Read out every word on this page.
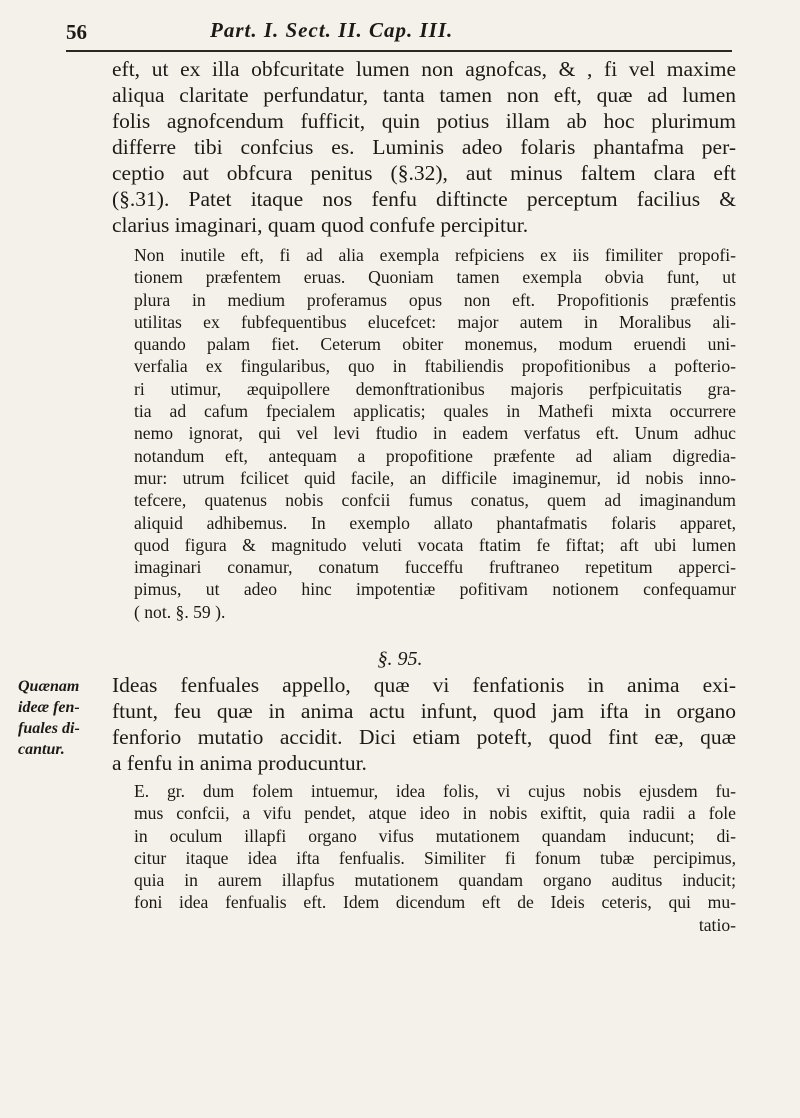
56	Part. I. Sect. II. Cap. III.
eft, ut ex illa obfcuritate lumen non agnofcas, & , fi vel maxime
aliqua claritate perfundatur, tanta tamen non eft, quæ ad lumen
folis agnofcendum fufficit, quin potius illam ab hoc plurimum
differre tibi confcius es. Luminis adeo folaris phantafma per-
ceptio aut obfcura penitus (§.32), aut minus faltem clara eft
(§.31). Patet itaque nos fenfu diftincte perceptum facilius &
clarius imaginari, quam quod confufe percipitur.
Non inutile eft, fi ad alia exempla refpiciens ex iis fimiliter propofi-
tionem præfentem eruas. Quoniam tamen exempla obvia funt, ut
plura in medium proferamus opus non eft. Propofitionis præfentis
utilitas ex fubfequentibus elucefcet: major autem in Moralibus ali-
quando palam fiet. Ceterum obiter monemus, modum eruendi uni-
verfalia ex fingularibus, quo in ftabiliendis propofitionibus a pofterio-
ri utimur, æquipollere demonftrationibus majoris perfpicuitatis gra-
tia ad cafum fpecialem applicatis; quales in Mathefi mixta occurrere
nemo ignorat, qui vel levi ftudio in eadem verfatus eft. Unum adhuc
notandum eft, antequam a propofitione præfente ad aliam digredia-
mur: utrum fcilicet quid facile, an difficile imaginemur, id nobis inno-
tefcere, quatenus nobis confcii fumus conatus, quem ad imaginandum
aliquid adhibemus. In exemplo allato phantafmatis folaris apparet,
quod figura & magnitudo veluti vocata ftatim fe fiftat; aft ubi lumen
imaginari conamur, conatum fucceffu fruftraneo repetitum apperci-
pimus, ut adeo hinc impotentiæ pofitivam notionem confequamur
( not. §. 59 ).
§. 95.
Quænam
ideæ fen-
fuales di-
cantur.
Ideas fenfuales appello, quæ vi fenfationis in anima exi-
ftunt, feu quæ in anima actu infunt, quod jam ifta in organo
fenforio mutatio accidit. Dici etiam poteft, quod fint eæ, quæ
a fenfu in anima producuntur.
E. gr. dum folem intuemur, idea folis, vi cujus nobis ejusdem fu-
mus confcii, a vifu pendet, atque ideo in nobis exiftit, quia radii a fole
in oculum illapfi organo vifus mutationem quandam inducunt; di-
citur itaque idea ifta fenfualis. Similiter fi fonum tubæ percipimus,
quia in aurem illapfus mutationem quandam organo auditus inducit;
foni idea fenfualis eft. Idem dicendum eft de Ideis ceteris, qui mu-
tatio-
